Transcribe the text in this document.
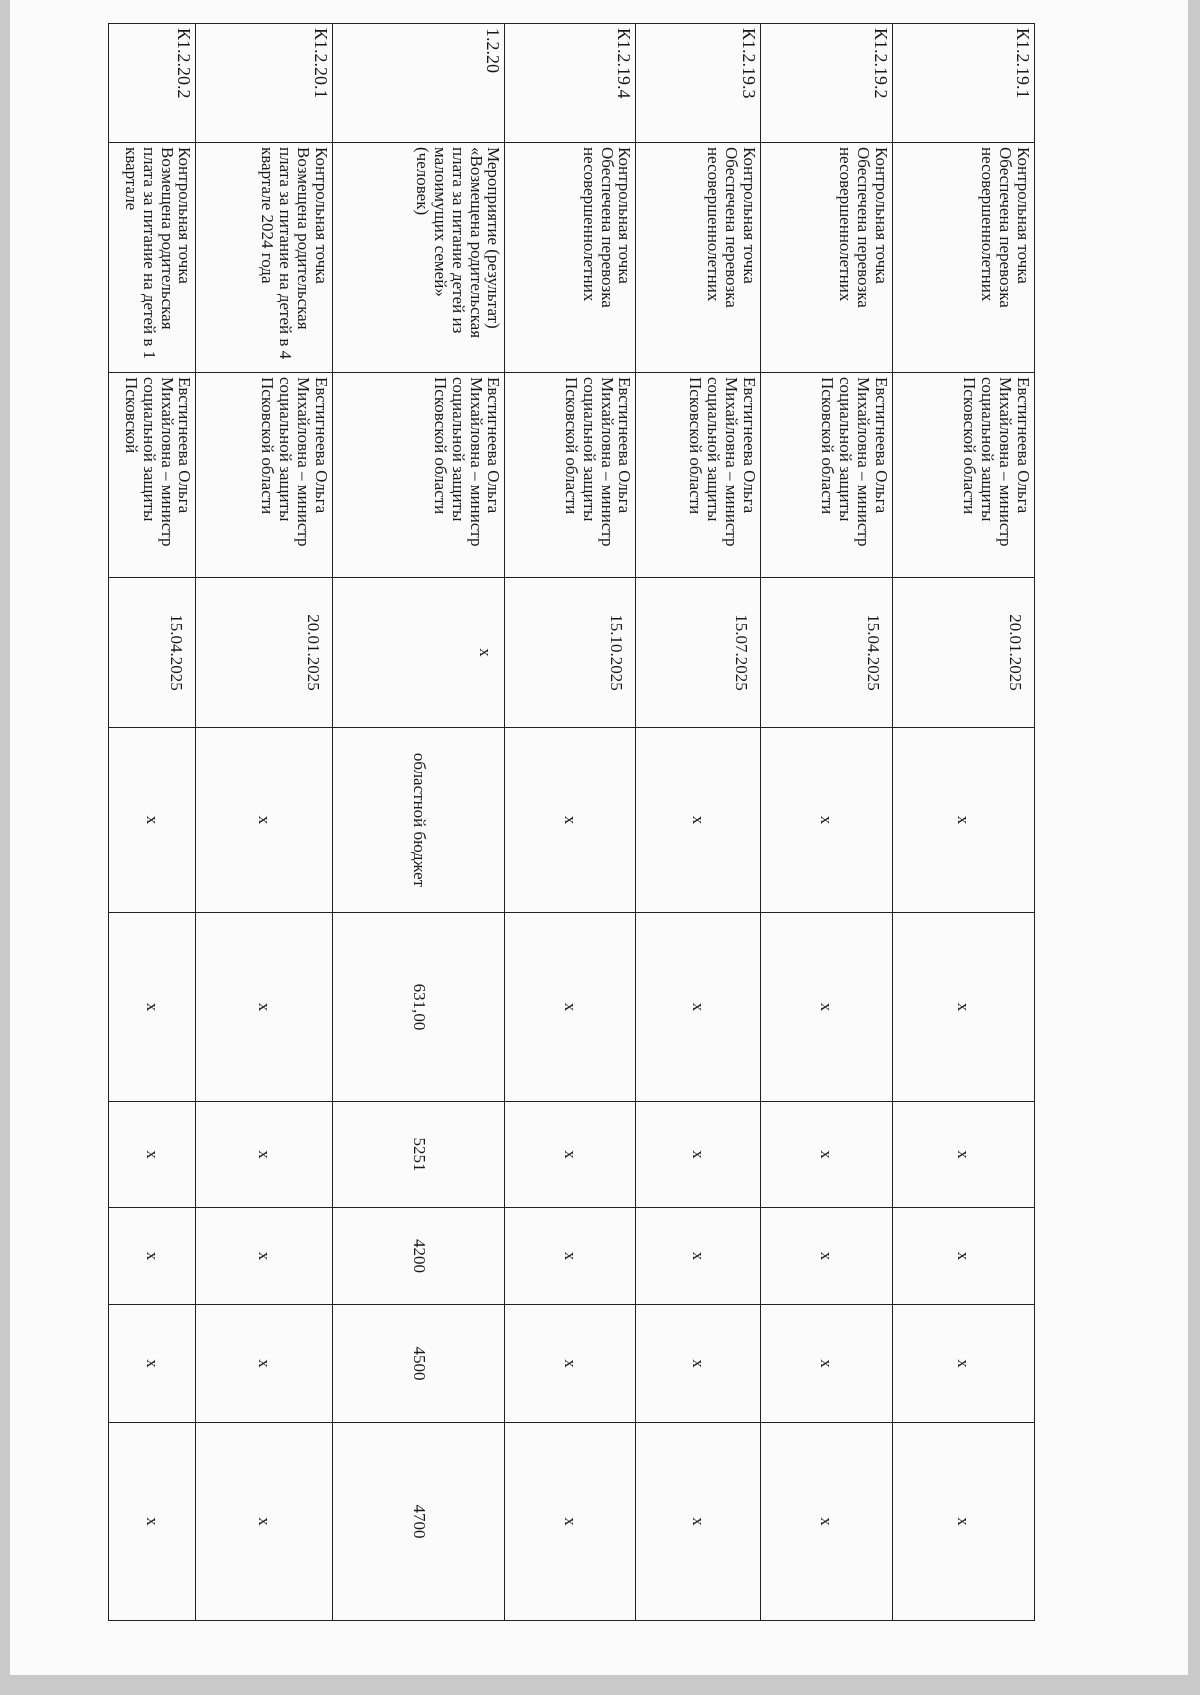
К1.2.19.1	Контрольная точка Обеспечена перевозка несовершеннолетних	Евстигнеева Ольга Михайловна – министр социальной защиты Псковской области	20.01.2025	x	x	x	x	x	x
К1.2.19.2	Контрольная точка Обеспечена перевозка несовершеннолетних	Евстигнеева Ольга Михайловна – министр социальной защиты Псковской области	15.04.2025	x	x	x	x	x	x
К1.2.19.3	Контрольная точка Обеспечена перевозка несовершеннолетних	Евстигнеева Ольга Михайловна – министр социальной защиты Псковской области	15.07.2025	x	x	x	x	x	x
К1.2.19.4	Контрольная точка Обеспечена перевозка несовершеннолетних	Евстигнеева Ольга Михайловна – министр социальной защиты Псковской области	15.10.2025	x	x	x	x	x	x
1.2.20	Мероприятие (результат) «Возмещена родительская плата за питание детей из малоимущих семей» (человек)	Евстигнеева Ольга Михайловна – министр социальной защиты Псковской области	x	областной бюджет	631,00	5251	4200	4500	4700
К1.2.20.1	Контрольная точка Возмещена родительская плата за питание на детей в 4 квартале 2024 года	Евстигнеева Ольга Михайловна – министр социальной защиты Псковской области	20.01.2025	x	x	x	x	x	x
К1.2.20.2	Контрольная точка Возмещена родительская плата за питание на детей в 1 квартале	Евстигнеева Ольга Михайловна – министр социальной защиты Псковской	15.04.2025	x	x	x	x	x	x
